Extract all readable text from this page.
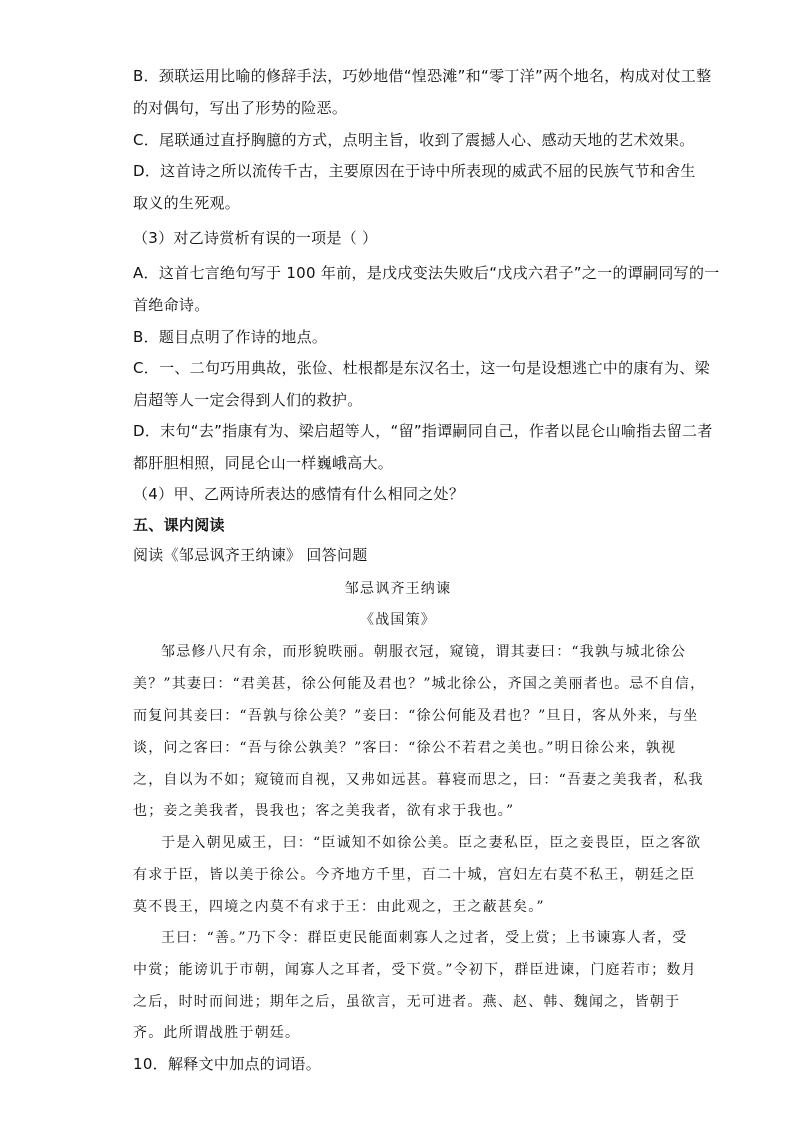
B．颈联运用比喻的修辞手法，巧妙地借“惶恐滩”和“零丁洋”两个地名，构成对仗工整
的对偶句，写出了形势的险恶。
C．尾联通过直抒胸臆的方式，点明主旨，收到了震撼人心、感动天地的艺术效果。
D．这首诗之所以流传千古，主要原因在于诗中所表现的威武不屈的民族气节和舍生
取义的生死观。
（3）对乙诗赏析有误的一项是（ ）
A．这首七言绝句写于 100 年前，是戊戌变法失败后“戊戌六君子”之一的谭嗣同写的一
首绝命诗。
B．题目点明了作诗的地点。
C．一、二句巧用典故，张俭、杜根都是东汉名士，这一句是设想逃亡中的康有为、梁
启超等人一定会得到人们的救护。
D．末句“去”指康有为、梁启超等人，“留”指谭嗣同自己，作者以昆仑山喻指去留二者
都肝胆相照，同昆仑山一样巍峨高大。
（4）甲、乙两诗所表达的感情有什么相同之处？
五、课内阅读
阅读《邹忌讽齐王纳谏》 回答问题
邹忌讽齐王纳谏
《战国策》
邹忌修八尺有余，而形貌昳丽。朝服衣冠，窥镜，谓其妻曰：“我孰与城北徐公
美？”其妻曰：“君美甚，徐公何能及君也？”城北徐公，齐国之美丽者也。忌不自信，
而复问其妾曰：“吾孰与徐公美？”妾曰：“徐公何能及君也？”旦日，客从外来，与坐
谈，问之客曰：“吾与徐公孰美？”客曰：“徐公不若君之美也。”明日徐公来，孰视
之，自以为不如；窥镜而自视，又弗如远甚。暮寝而思之，曰：“吾妻之美我者，私我
也；妾之美我者，畏我也；客之美我者，欲有求于我也。”
于是入朝见威王，曰：“臣诚知不如徐公美。臣之妻私臣，臣之妾畏臣，臣之客欲
有求于臣，皆以美于徐公。今齐地方千里，百二十城，宫妇左右莫不私王，朝廷之臣
莫不畏王，四境之内莫不有求于王：由此观之，王之蔽甚矣。”
王曰：“善。”乃下令：群臣吏民能面刺寡人之过者，受上赏；上书谏寡人者，受
中赏；能谤讥于市朝，闻寡人之耳者，受下赏。”令初下，群臣进谏，门庭若市；数月
之后，时时而间进；期年之后，虽欲言，无可进者。燕、赵、韩、魏闻之，皆朝于
齐。此所谓战胜于朝廷。
10．解释文中加点的词语。
